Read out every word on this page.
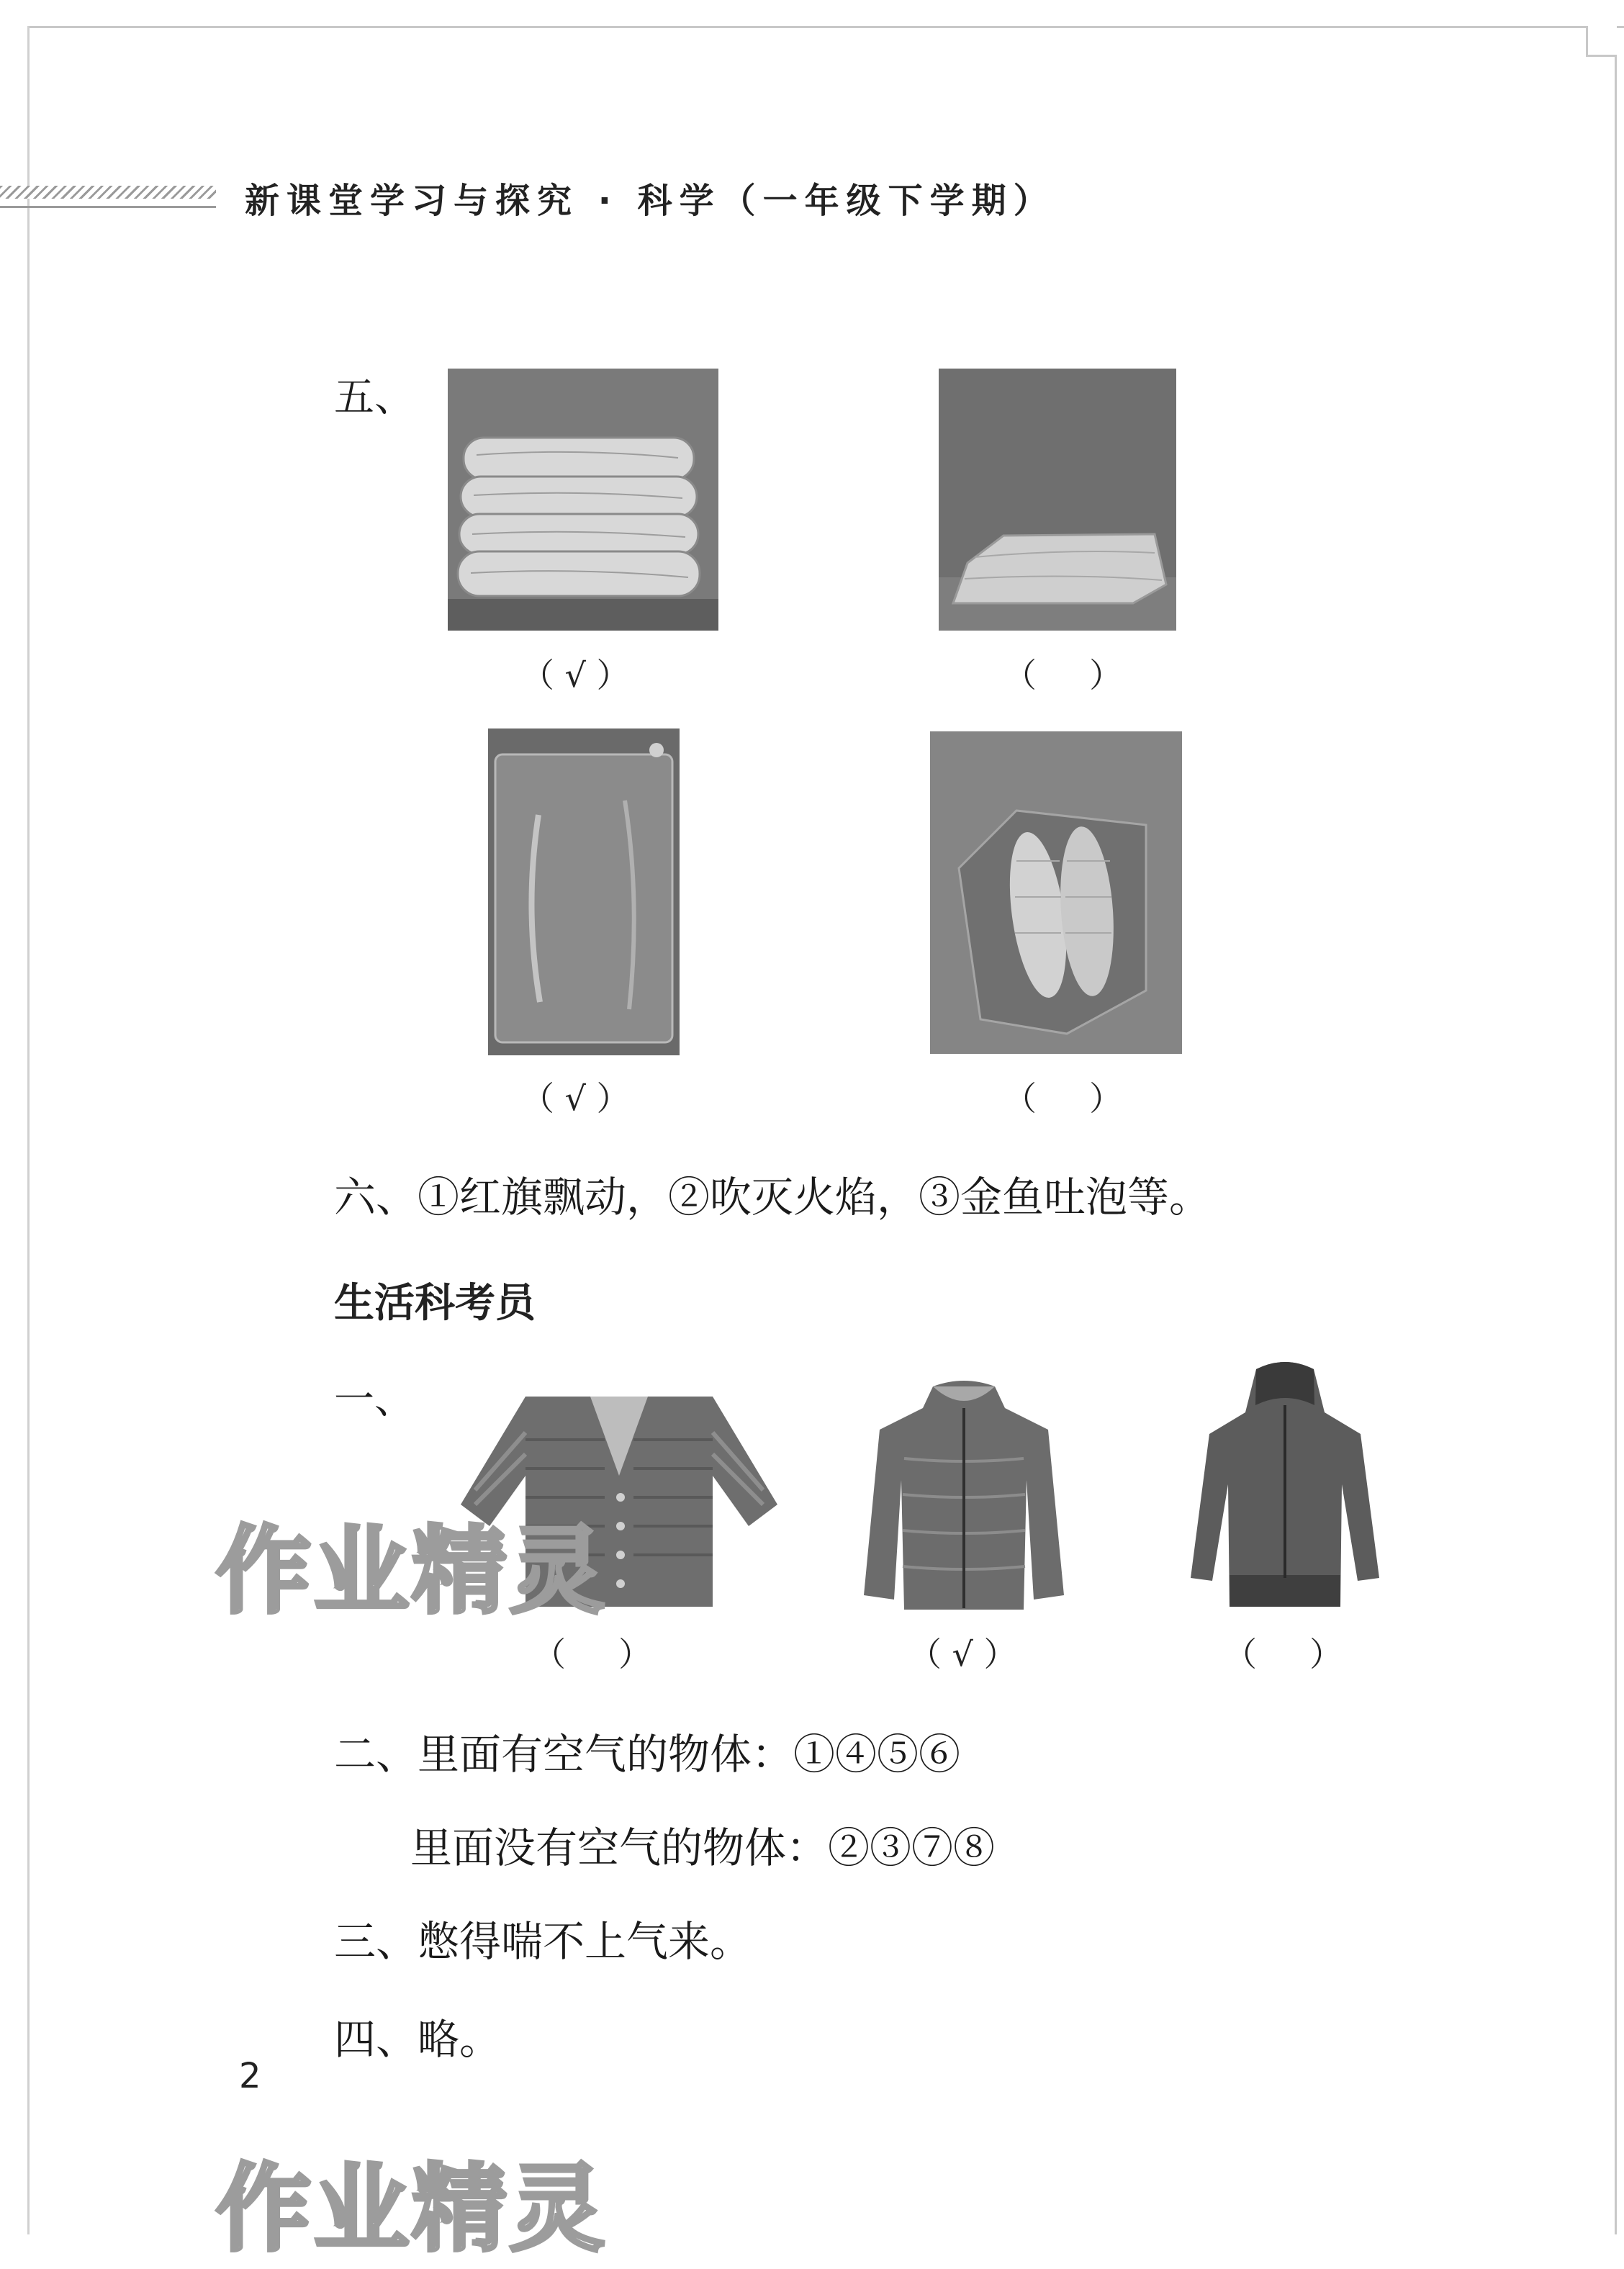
新课堂学习与探究 · 科学（一年级下学期）
五、
（ √ ）	（     ）
（ √ ）	（     ）
六、①红旗飘动，②吹灭火焰，③金鱼吐泡等。
生活科考员
一、
（     ）	（ √ ）	（     ）
二、里面有空气的物体：①④⑤⑥
里面没有空气的物体：②③⑦⑧
三、憋得喘不上气来。
四、略。
作业精灵
作业精灵
2
